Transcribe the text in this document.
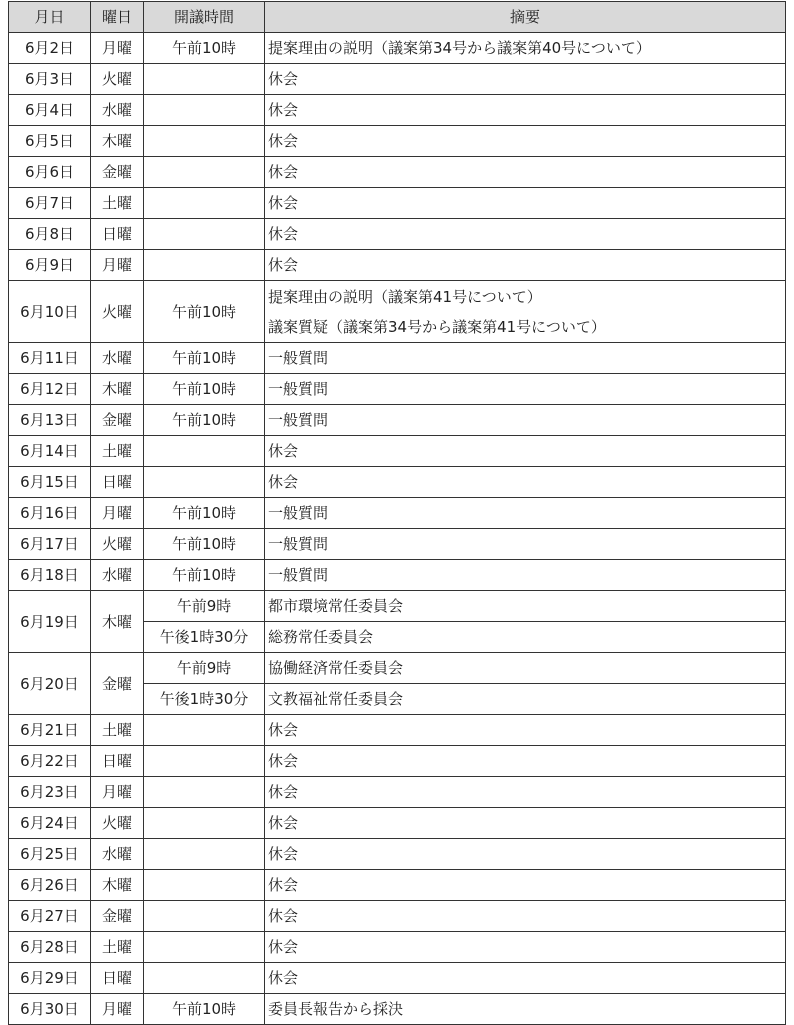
月日	曜日	開議時間	摘要
6月2日	月曜	午前10時	提案理由の説明（議案第34号から議案第40号について）
6月3日	火曜		休会
6月4日	水曜		休会
6月5日	木曜		休会
6月6日	金曜		休会
6月7日	土曜		休会
6月8日	日曜		休会
6月9日	月曜		休会
6月10日	火曜	午前10時	提案理由の説明（議案第41号について）
議案質疑（議案第34号から議案第41号について）

6月11日	水曜	午前10時	一般質問
6月12日	木曜	午前10時	一般質問
6月13日	金曜	午前10時	一般質問
6月14日	土曜		休会
6月15日	日曜		休会
6月16日	月曜	午前10時	一般質問
6月17日	火曜	午前10時	一般質問
6月18日	水曜	午前10時	一般質問
6月19日	木曜	午前9時	都市環境常任委員会
		午後1時30分	総務常任委員会
6月20日	金曜	午前9時	協働経済常任委員会
		午後1時30分	文教福祉常任委員会
6月21日	土曜		休会
6月22日	日曜		休会
6月23日	月曜		休会
6月24日	火曜		休会
6月25日	水曜		休会
6月26日	木曜		休会
6月27日	金曜		休会
6月28日	土曜		休会
6月29日	日曜		休会
6月30日	月曜	午前10時	委員長報告から採決
